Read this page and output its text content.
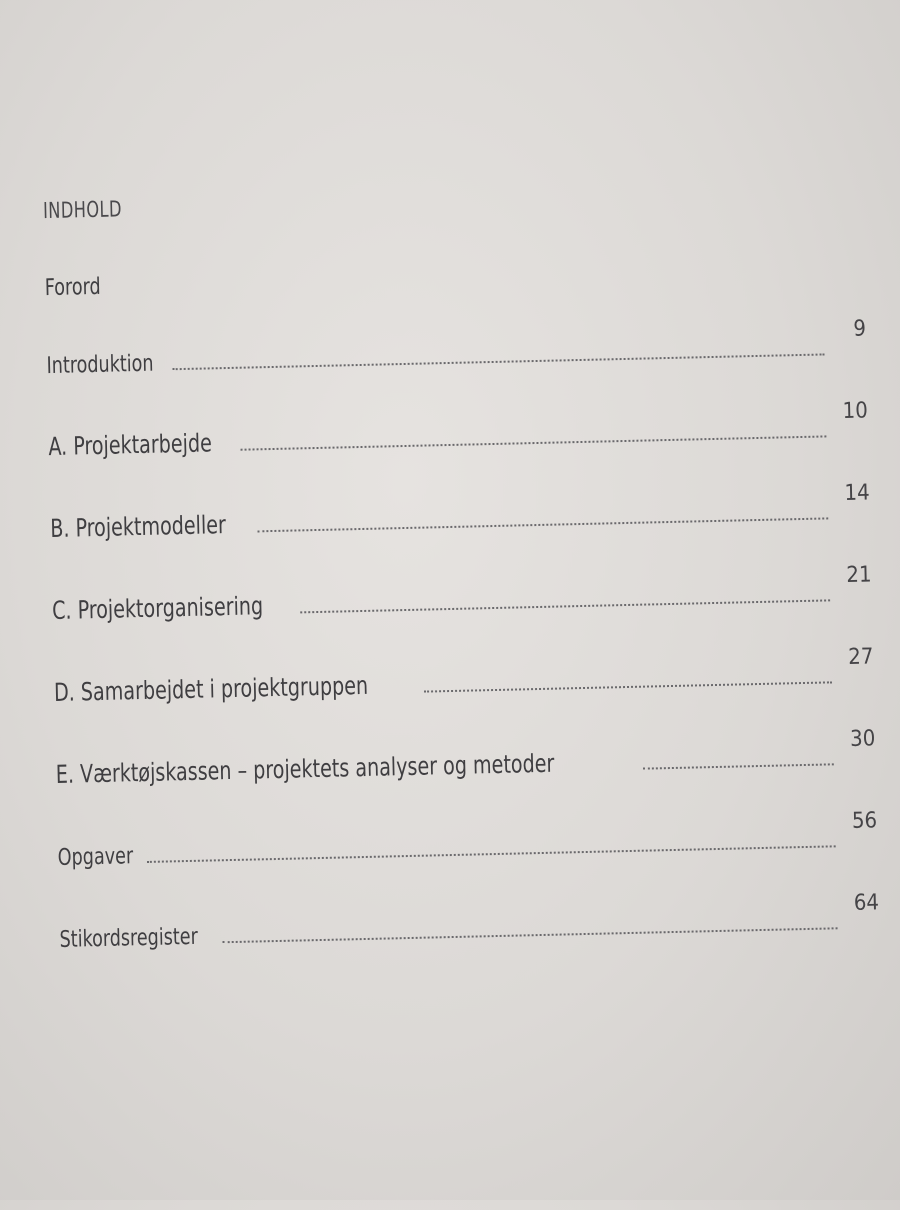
INDHOLD
Forord
Introduktion
9
A. Projektarbejde
10
B. Projektmodeller
14
C. Projektorganisering
21
D. Samarbejdet i projektgruppen
27
E. Værktøjskassen – projektets analyser og metoder
30
Opgaver
56
Stikordsregister
64
